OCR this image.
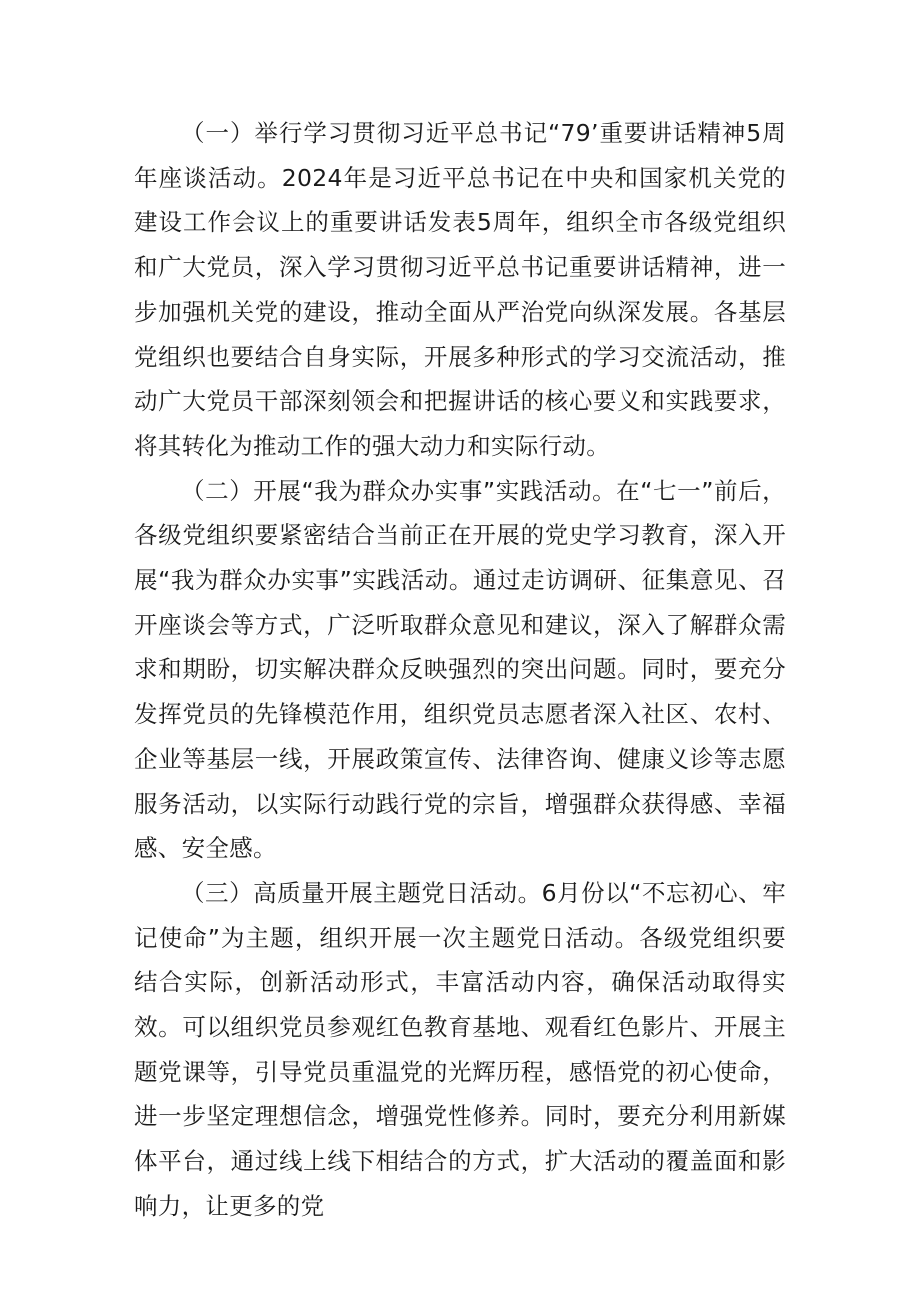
（一）举行学习贯彻习近平总书记“79’重要讲话精神5周年座谈活动。2024年是习近平总书记在中央和国家机关党的建设工作会议上的重要讲话发表5周年，组织全市各级党组织和广大党员，深入学习贯彻习近平总书记重要讲话精神，进一步加强机关党的建设，推动全面从严治党向纵深发展。各基层党组织也要结合自身实际，开展多种形式的学习交流活动，推动广大党员干部深刻领会和把握讲话的核心要义和实践要求，将其转化为推动工作的强大动力和实际行动。

（二）开展“我为群众办实事”实践活动。在“七一”前后，各级党组织要紧密结合当前正在开展的党史学习教育，深入开展“我为群众办实事”实践活动。通过走访调研、征集意见、召开座谈会等方式，广泛听取群众意见和建议，深入了解群众需求和期盼，切实解决群众反映强烈的突出问题。同时，要充分发挥党员的先锋模范作用，组织党员志愿者深入社区、农村、企业等基层一线，开展政策宣传、法律咨询、健康义诊等志愿服务活动，以实际行动践行党的宗旨，增强群众获得感、幸福感、安全感。

（三）高质量开展主题党日活动。6月份以“不忘初心、牢记使命”为主题，组织开展一次主题党日活动。各级党组织要结合实际，创新活动形式，丰富活动内容，确保活动取得实效。可以组织党员参观红色教育基地、观看红色影片、开展主题党课等，引导党员重温党的光辉历程，感悟党的初心使命，进一步坚定理想信念，增强党性修养。同时，要充分利用新媒体平台，通过线上线下相结合的方式，扩大活动的覆盖面和影响力，让更多的党
